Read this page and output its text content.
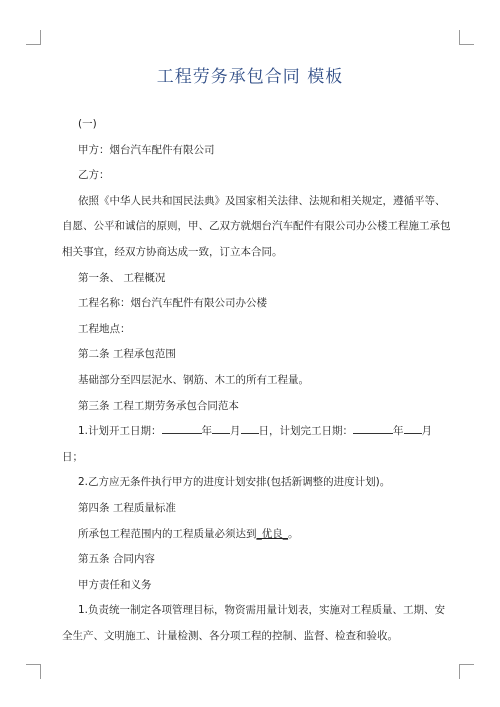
工程劳务承包合同 模板

(一)

甲方：烟台汽车配件有限公司

乙方：

依照《中华人民共和国民法典》及国家相关法律、法规和相关规定，遵循平等、

自愿、公平和诚信的原则，甲、乙双方就烟台汽车配件有限公司办公楼工程施工承包

相关事宜，经双方协商达成一致，订立本合同。

第一条、 工程概况

工程名称：烟台汽车配件有限公司办公楼

工程地点：

第二条 工程承包范围

基础部分至四层泥水、钢筋、木工的所有工程量。

第三条 工程工期劳务承包合同范本

1.计划开工日期：	年 月 日，计划完工日期：	年 月

日；

2.乙方应无条件执行甲方的进度计划安排(包括新调整的进度计划)。

第四条 工程质量标准

所承包工程范围内的工程质量必须达到_优良_。

第五条 合同内容

甲方责任和义务

1.负责统一制定各项管理目标，物资需用量计划表，实施对工程质量、工期、安

全生产、文明施工、计量检测、各分项工程的控制、监督、检查和验收。
